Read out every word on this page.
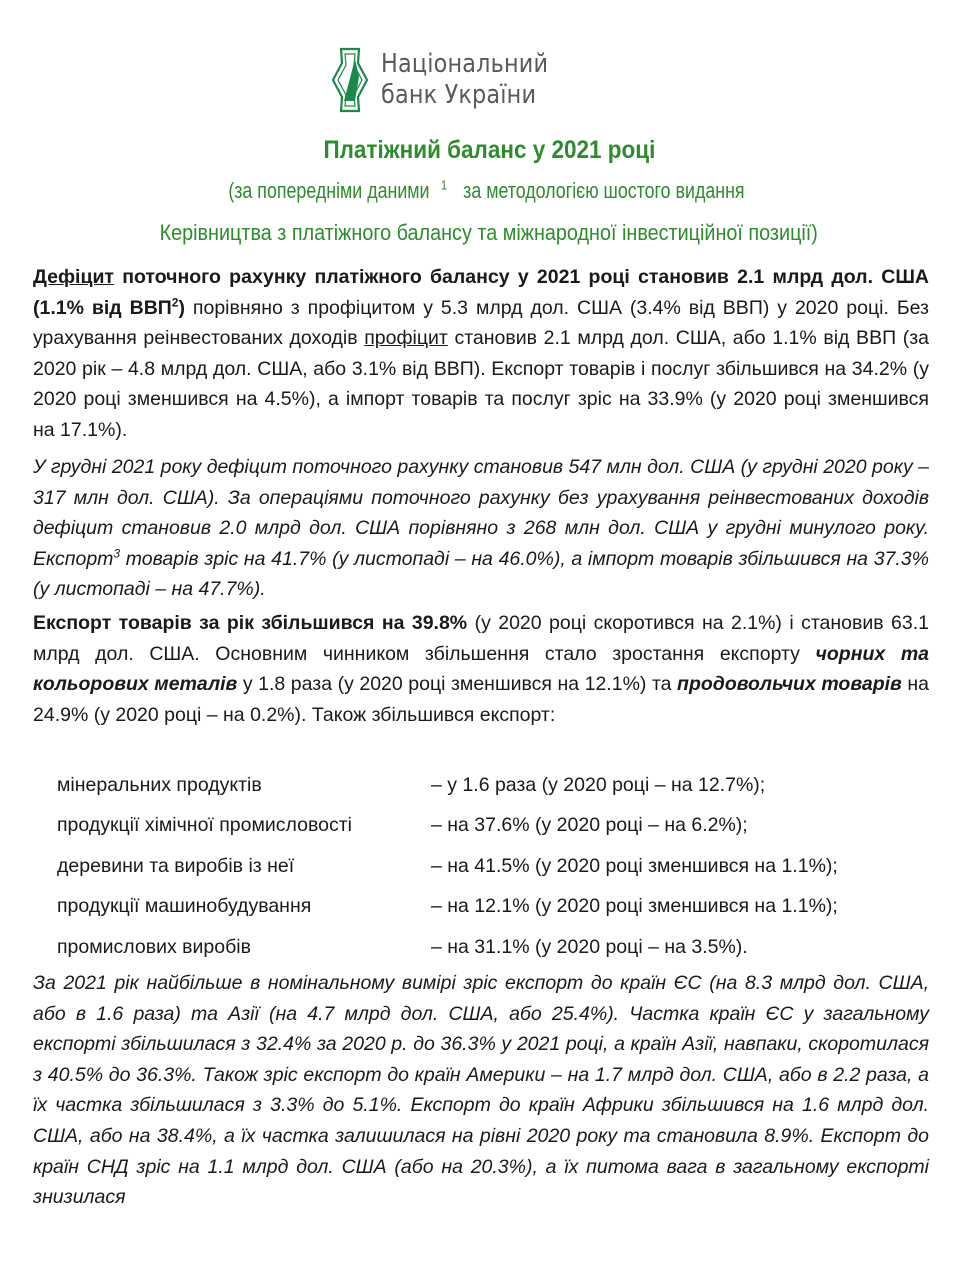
Національний
банк України
Платіжний баланс у 2021 році
(за попередніми даними $^1$за методологією шостого видання
Керівництва з платіжного балансу та міжнародної інвестиційної позиції)

Дефіцит поточного рахунку платіжного балансу у 2021 році становив 2.1 млрд дол. США (1.1% від ВВП$^2$) порівняно з профіцитом у 5.3 млрд дол. США (3.4% від ВВП) у 2020 році. Без урахування реінвестованих доходів профіцит становив 2.1 млрд дол. США, або 1.1% від ВВП (за 2020 рік – 4.8 млрд дол. США, або 3.1% від ВВП). Експорт товарів і послуг збільшився на 34.2% (у 2020 році зменшився на 4.5%), а імпорт товарів та послуг зріс на 33.9% (у 2020 році зменшився на 17.1%).

У грудні 2021 року дефіцит поточного рахунку становив 547 млн дол. США (у грудні 2020 року – 317 млн дол. США). За операціями поточного рахунку без урахування реінвестованих доходів дефіцит становив 2.0 млрд дол. США порівняно з 268 млн дол. США у грудні минулого року. Експорт$^3$ товарів зріс на 41.7% (у листопаді – на 46.0%), а імпорт товарів збільшився на 37.3% (у листопаді – на 47.7%).

Експорт товарів за рік збільшився на 39.8% (у 2020 році скоротився на 2.1%) і становив 63.1 млрд дол. США. Основним чинником збільшення стало зростання експорту чорних та кольорових металів у 1.8 раза (у 2020 році зменшився на 12.1%) та продовольчих товарів на 24.9% (у 2020 році – на 0.2%). Також збільшився експорт:

мінеральних продуктів	– у 1.6 раза (у 2020 році – на 12.7%);
продукції хімічної промисловості	– на 37.6% (у 2020 році – на 6.2%);
деревини та виробів із неї	– на 41.5% (у 2020 році зменшився на 1.1%);
продукції машинобудування	– на 12.1% (у 2020 році зменшився на 1.1%);
промислових виробів	– на 31.1% (у 2020 році – на 3.5%).

За 2021 рік найбільше в номінальному вимірі зріс експорт до країн ЄС (на 8.3 млрд дол. США, або в 1.6 раза) та Азії (на 4.7 млрд дол. США, або 25.4%). Частка країн ЄС у загальному експорті збільшилася з 32.4% за 2020 р. до 36.3% у 2021 році, а країн Азії, навпаки, скоротилася з 40.5% до 36.3%. Також зріс експорт до країн Америки – на 1.7 млрд дол. США, або в 2.2 раза, а їх частка збільшилася з 3.3% до 5.1%. Експорт до країн Африки збільшився на 1.6 млрд дол. США, або на 38.4%, а їх частка залишилася на рівні 2020 року та становила 8.9%. Експорт до країн СНД зріс на 1.1 млрд дол. США (або на 20.3%), а їх питома вага в загальному експорті знизилася
